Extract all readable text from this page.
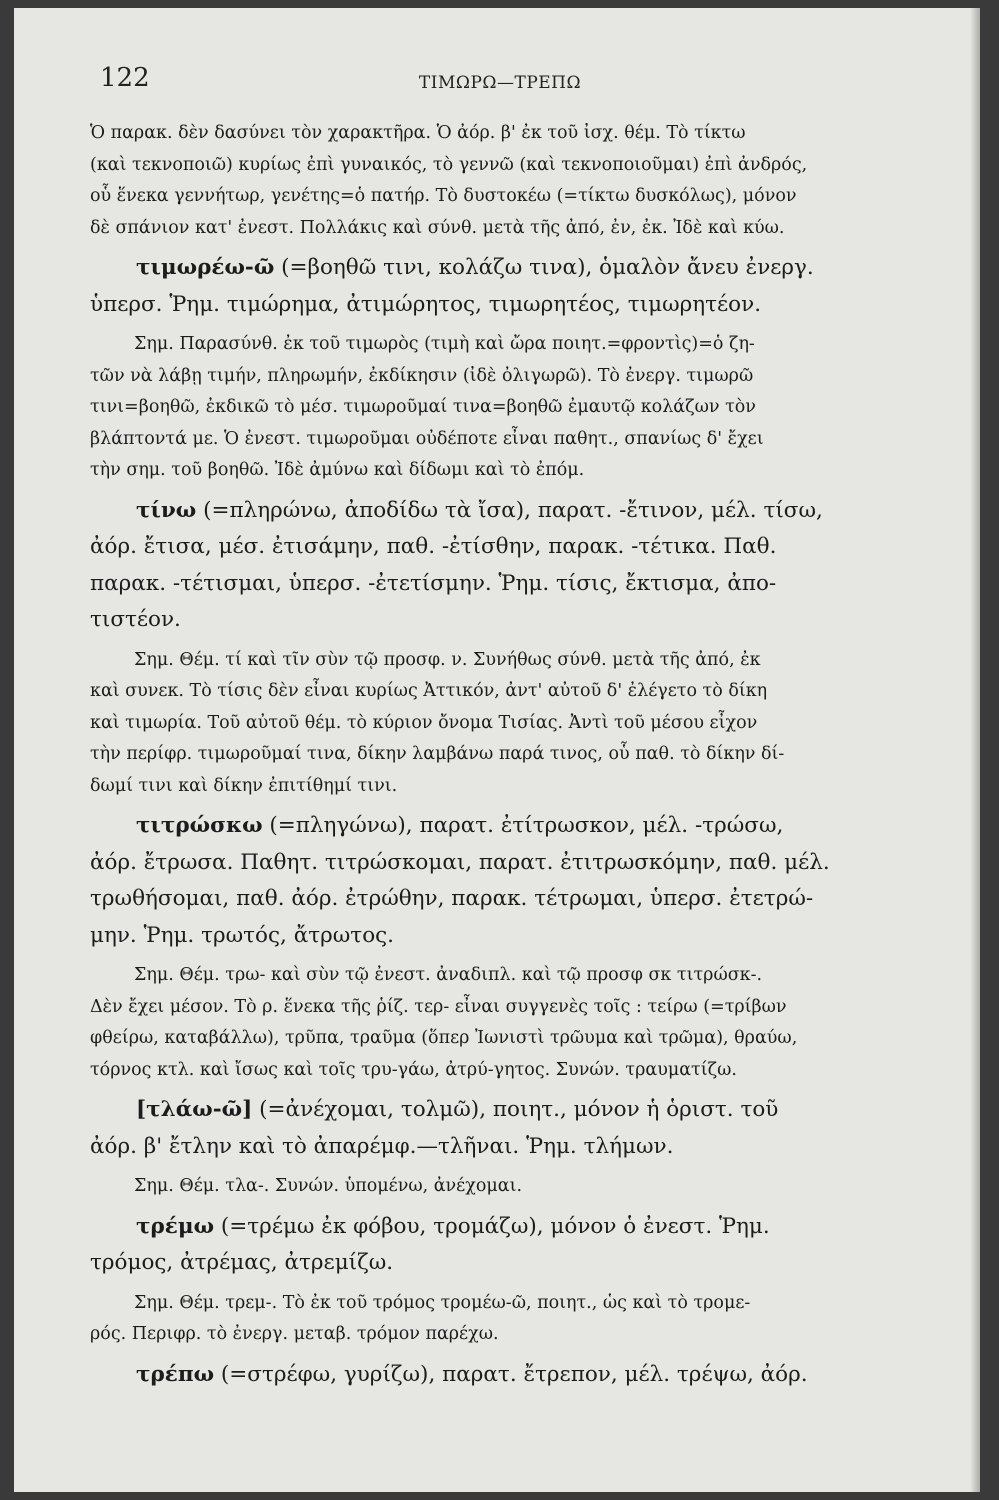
122	ΤΙΜΩΡΩ—ΤΡΕΠΩ
Ὁ παρακ. δὲν δασύνει τὸν χαρακτῆρα. Ὁ ἀόρ. β' ἐκ τοῦ ἰσχ. θέμ. Τὸ τίκτω
(καὶ τεκνοποιῶ) κυρίως ἐπὶ γυναικός, τὸ γεννῶ (καὶ τεκνοποιοῦμαι) ἐπὶ ἀνδρός,
οὗ ἕνεκα γεννήτωρ, γενέτης=ὁ πατήρ. Τὸ δυστοκέω (=τίκτω δυσκόλως), μόνον
δὲ σπάνιον κατ' ἐνεστ. Πολλάκις καὶ σύνθ. μετὰ τῆς ἀπό, ἐν, ἐκ. Ἰδὲ καὶ κύω.
τιμωρέω-ῶ (=βοηθῶ τινι, κολάζω τινα), ὁμαλὸν ἄνευ ἐνεργ.
ὑπερσ. Ῥημ. τιμώρημα, ἀτιμώρητος, τιμωρητέος, τιμωρητέον.
Σημ. Παρασύνθ. ἐκ τοῦ τιμωρὸς (τιμὴ καὶ ὤρα ποιητ.=φροντὶς)=ὁ ζη-
τῶν νὰ λάβῃ τιμήν, πληρωμήν, ἐκδίκησιν (ἰδὲ ὀλιγωρῶ). Τὸ ἐνεργ. τιμωρῶ
τινι=βοηθῶ, ἐκδικῶ τὸ μέσ. τιμωροῦμαί τινα=βοηθῶ ἐμαυτῷ κολάζων τὸν
βλάπτοντά με. Ὁ ἐνεστ. τιμωροῦμαι οὐδέποτε εἶναι παθητ., σπανίως δ' ἔχει
τὴν σημ. τοῦ βοηθῶ. Ἰδὲ ἀμύνω καὶ δίδωμι καὶ τὸ ἐπόμ.
τίνω (=πληρώνω, ἀποδίδω τὰ ἴσα), παρατ. -ἔτινον, μέλ. τίσω,
ἀόρ. ἔτισα, μέσ. ἐτισάμην, παθ. -ἐτίσθην, παρακ. -τέτικα. Παθ.
παρακ. -τέτισμαι, ὑπερσ. -ἐτετίσμην. Ῥημ. τίσις, ἔκτισμα, ἀπο-
τιστέον.
Σημ. Θέμ. τί καὶ τῖν σὺν τῷ προσφ. ν. Συνήθως σύνθ. μετὰ τῆς ἀπό, ἐκ
καὶ συνεκ. Τὸ τίσις δὲν εἶναι κυρίως Ἀττικόν, ἀντ' αὐτοῦ δ' ἐλέγετο τὸ δίκη
καὶ τιμωρία. Τοῦ αὐτοῦ θέμ. τὸ κύριον ὄνομα Τισίας. Ἀντὶ τοῦ μέσου εἶχον
τὴν περίφρ. τιμωροῦμαί τινα, δίκην λαμβάνω παρά τινος, οὗ παθ. τὸ δίκην δί-
δωμί τινι καὶ δίκην ἐπιτίθημί τινι.
τιτρώσκω (=πληγώνω), παρατ. ἐτίτρωσκον, μέλ. -τρώσω,
ἀόρ. ἔτρωσα. Παθητ. τιτρώσκομαι, παρατ. ἐτιτρωσκόμην, παθ. μέλ.
τρωθήσομαι, παθ. ἀόρ. ἐτρώθην, παρακ. τέτρωμαι, ὑπερσ. ἐτετρώ-
μην. Ῥημ. τρωτός, ἄτρωτος.
Σημ. Θέμ. τρω- καὶ σὺν τῷ ἐνεστ. ἀναδιπλ. καὶ τῷ προσφ σκ τιτρώσκ-.
Δὲν ἔχει μέσον. Τὸ ρ. ἕνεκα τῆς ῥίζ. τερ- εἶναι συγγενὲς τοῖς : τείρω (=τρίβων
φθείρω, καταβάλλω), τρῦπα, τραῦμα (ὅπερ Ἰωνιστὶ τρῶυμα καὶ τρῶμα), θραύω,
τόρνος κτλ. καὶ ἴσως καὶ τοῖς τρυ-γάω, ἀτρύ-γητος. Συνών. τραυματίζω.
[τλάω-ῶ] (=ἀνέχομαι, τολμῶ), ποιητ., μόνον ἡ ὁριστ. τοῦ
ἀόρ. β' ἔτλην καὶ τὸ ἀπαρέμφ.—τλῆναι. Ῥημ. τλήμων.
Σημ. Θέμ. τλα-. Συνών. ὑπομένω, ἀνέχομαι.
τρέμω (=τρέμω ἐκ φόβου, τρομάζω), μόνον ὁ ἐνεστ. Ῥημ.
τρόμος, ἀτρέμας, ἀτρεμίζω.
Σημ. Θέμ. τρεμ-. Τὸ ἐκ τοῦ τρόμος τρομέω-ῶ, ποιητ., ὡς καὶ τὸ τρομε-
ρός. Περιφρ. τὸ ἐνεργ. μεταβ. τρόμον παρέχω.
τρέπω (=στρέφω, γυρίζω), παρατ. ἔτρεπον, μέλ. τρέψω, ἀόρ.
